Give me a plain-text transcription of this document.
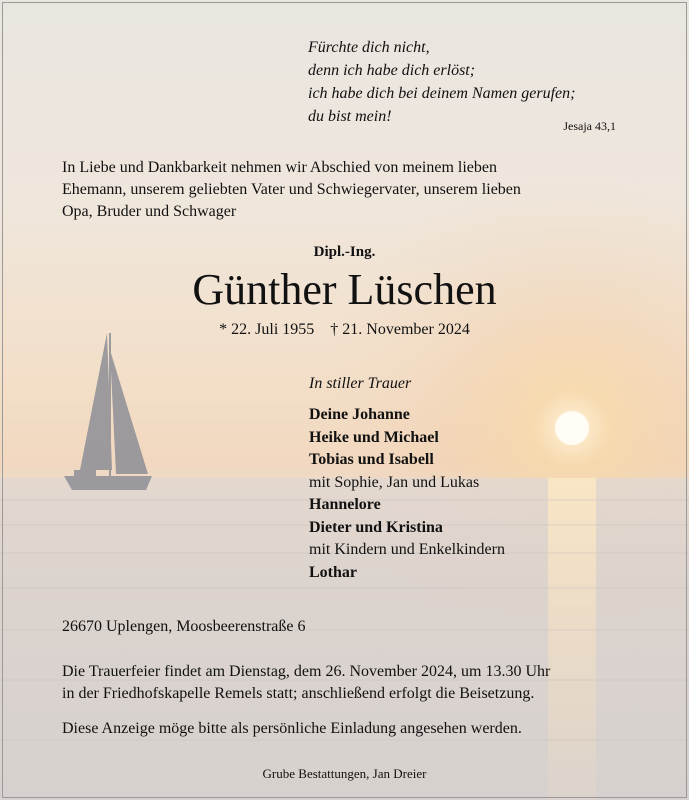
Fürchte dich nicht,
denn ich habe dich erlöst;
ich habe dich bei deinem Namen gerufen;
du bist mein!
Jesaja 43,1
In Liebe und Dankbarkeit nehmen wir Abschied von meinem lieben
Ehemann, unserem geliebten Vater und Schwiegervater, unserem lieben
Opa, Bruder und Schwager
Dipl.-Ing.
Günther Lüschen
* 22. Juli 1955 † 21. November 2024
In stiller Trauer
Deine Johanne
Heike und Michael
Tobias und Isabell
mit Sophie, Jan und Lukas
Hannelore
Dieter und Kristina
mit Kindern und Enkelkindern
Lothar
26670 Uplengen, Moosbeerenstraße 6
Die Trauerfeier findet am Dienstag, dem 26. November 2024, um 13.30 Uhr
in der Friedhofskapelle Remels statt; anschließend erfolgt die Beisetzung.
Diese Anzeige möge bitte als persönliche Einladung angesehen werden.
Grube Bestattungen, Jan Dreier
